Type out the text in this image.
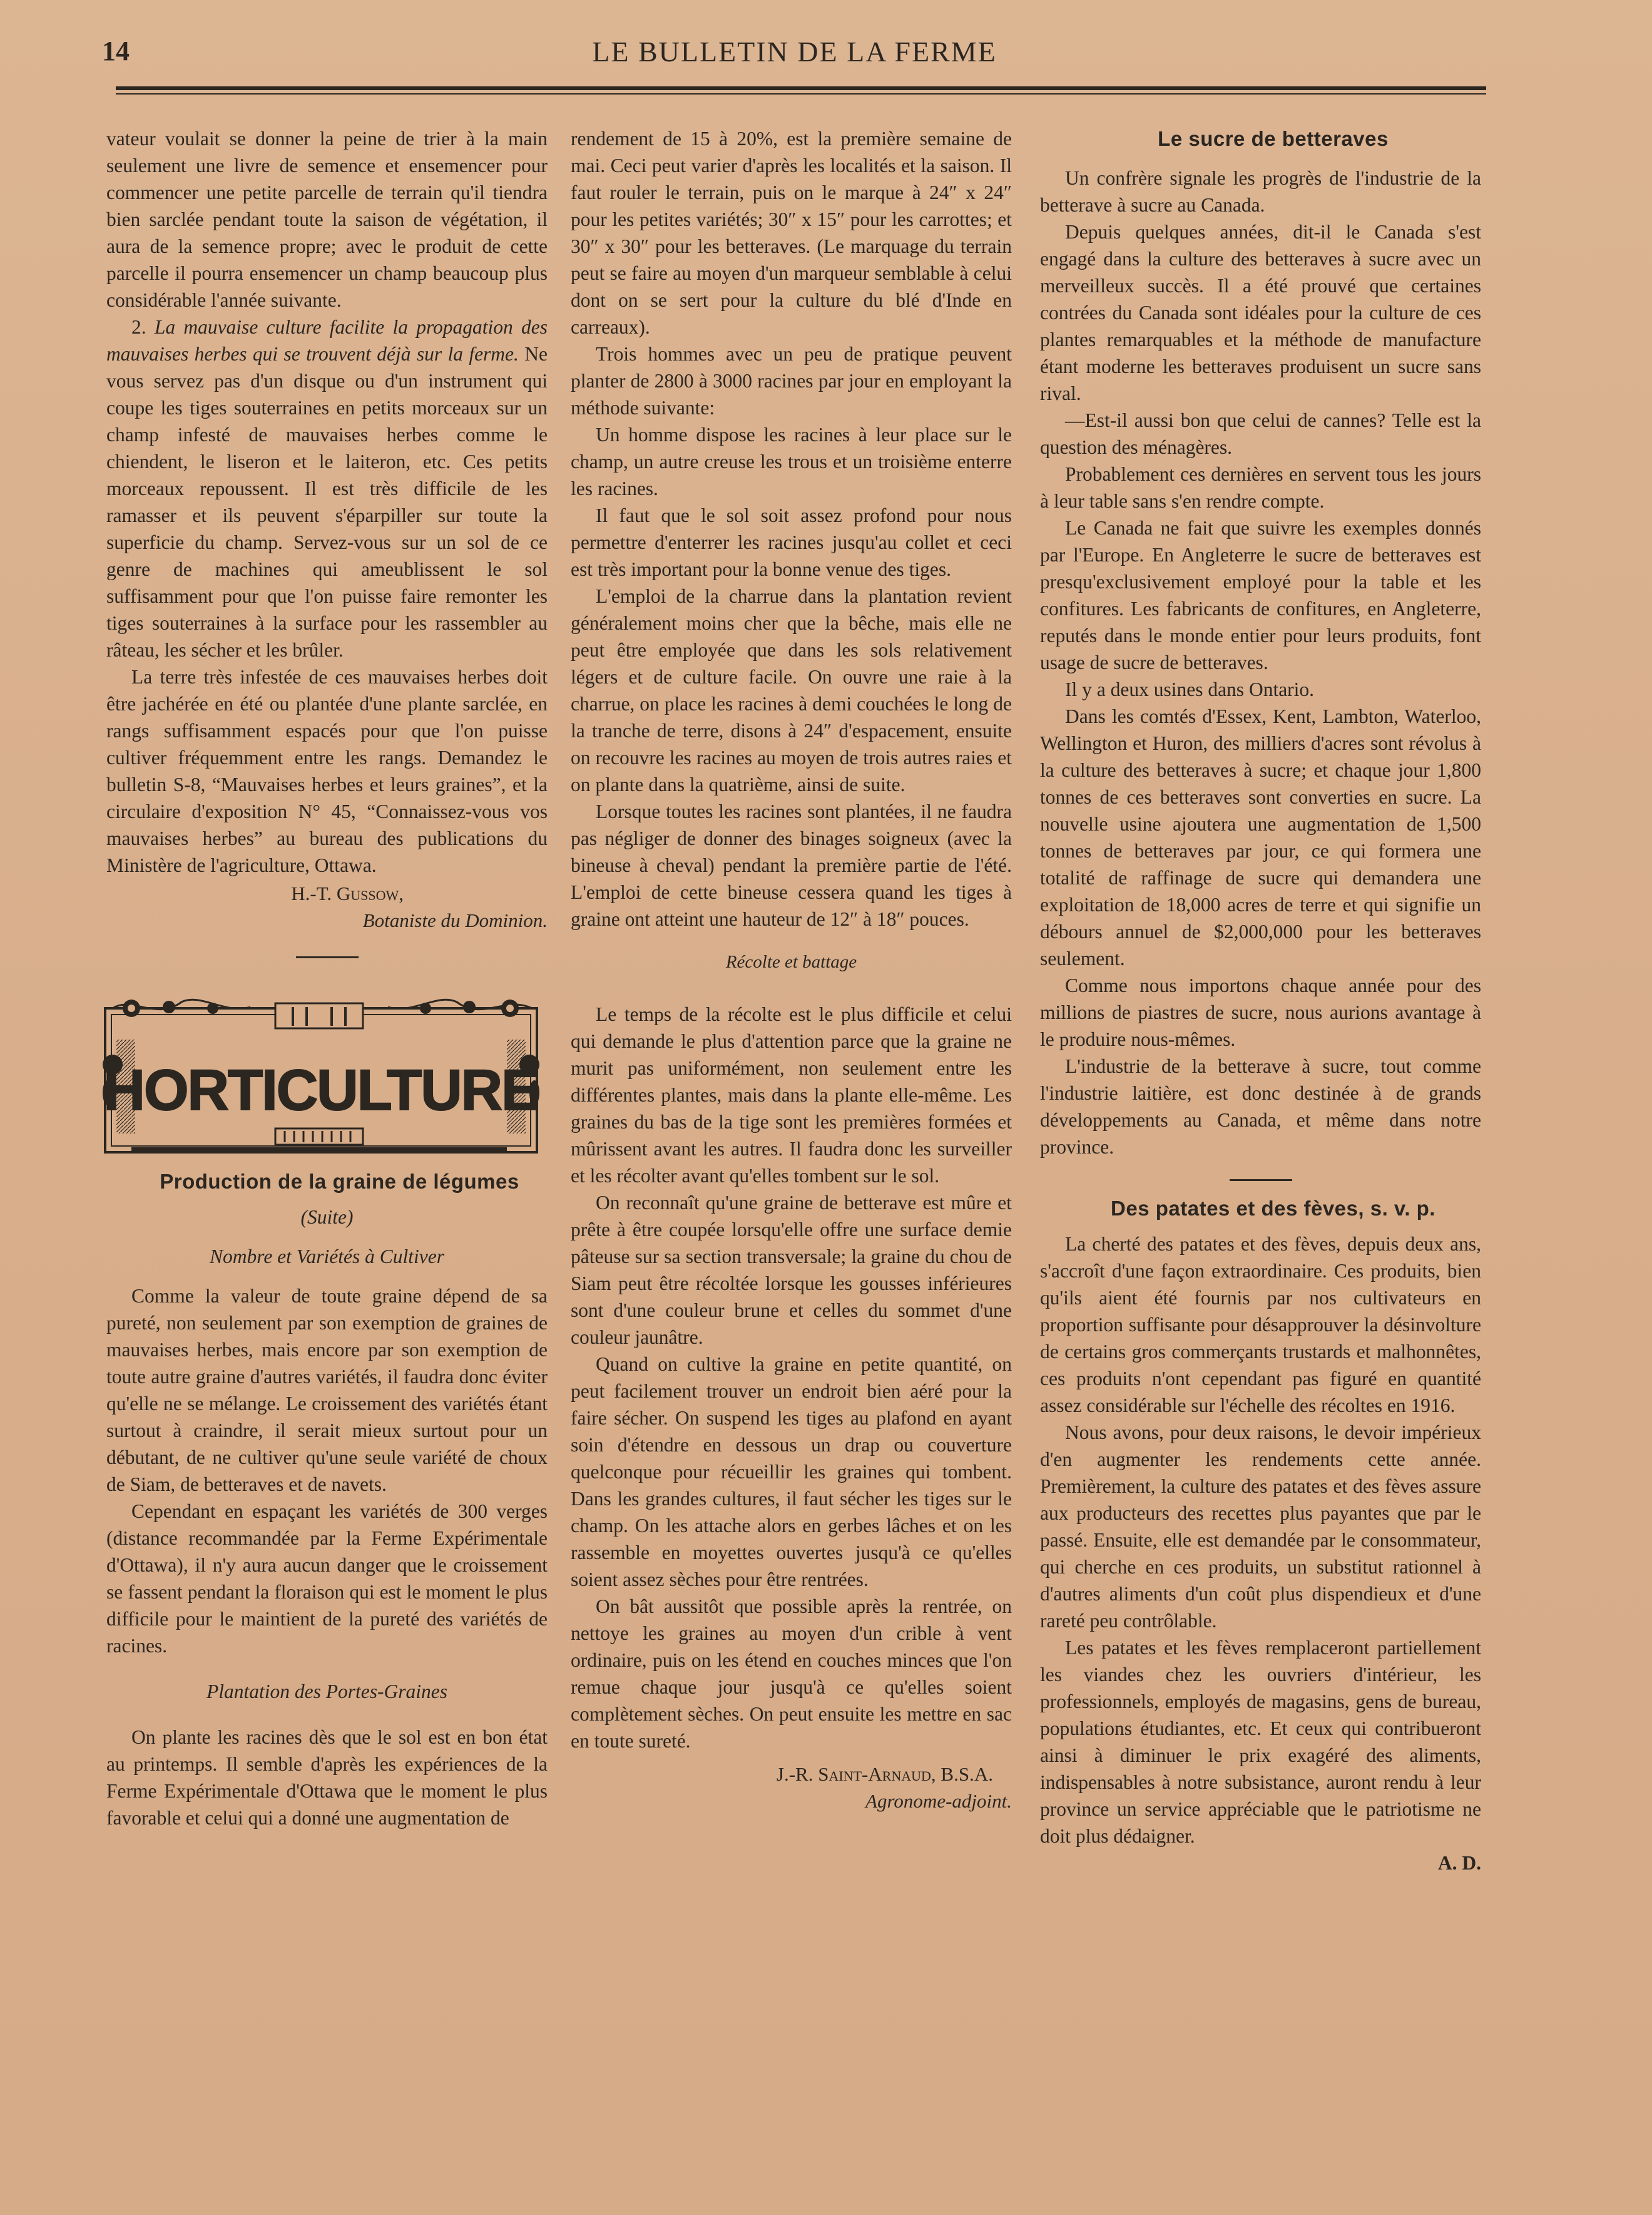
14	LE BULLETIN DE LA FERME

vateur voulait se donner la peine de trier à la main seulement une livre de semence et ensemencer pour commencer une petite parcelle de terrain qu'il tiendra bien sarclée pendant toute la saison de végétation, il aura de la semence propre; avec le produit de cette parcelle il pourra ensemencer un champ beaucoup plus considérable l'année suivante.

2. La mauvaise culture facilite la propagation des mauvaises herbes qui se trouvent déjà sur la ferme. Ne vous servez pas d'un disque ou d'un instrument qui coupe les tiges souterraines en petits morceaux sur un champ infesté de mauvaises herbes comme le chiendent, le liseron et le laiteron, etc. Ces petits morceaux repoussent. Il est très difficile de les ramasser et ils peuvent s'éparpiller sur toute la superficie du champ. Servez-vous sur un sol de ce genre de machines qui ameublissent le sol suffisamment pour que l'on puisse faire remonter les tiges souterraines à la surface pour les rassembler au râteau, les sécher et les brûler.

La terre très infestée de ces mauvaises herbes doit être jachérée en été ou plantée d'une plante sarclée, en rangs suffisamment espacés pour que l'on puisse cultiver fréquemment entre les rangs. Demandez le bulletin S-8, “Mauvaises herbes et leurs graines”, et la circulaire d'exposition N° 45, “Connaissez-vous vos mauvaises herbes” au bureau des publications du Ministère de l'agriculture, Ottawa.

H.-T. Gussow,
Botaniste du Dominion.
HORTICULTURE

Production de la graine de légumes

(Suite)

Nombre et Variétés à Cultiver

Comme la valeur de toute graine dépend de sa pureté, non seulement par son exemption de graines de mauvaises herbes, mais encore par son exemption de toute autre graine d'autres variétés, il faudra donc éviter qu'elle ne se mélange. Le croissement des variétés étant surtout à craindre, il serait mieux surtout pour un débutant, de ne cultiver qu'une seule variété de choux de Siam, de betteraves et de navets.

Cependant en espaçant les variétés de 300 verges (distance recommandée par la Ferme Expérimentale d'Ottawa), il n'y aura aucun danger que le croissement se fassent pendant la floraison qui est le moment le plus difficile pour le maintient de la pureté des variétés de racines.

Plantation des Portes-Graines

On plante les racines dès que le sol est en bon état au printemps. Il semble d'après les expériences de la Ferme Expérimentale d'Ottawa que le moment le plus favorable et celui qui a donné une augmentation de

rendement de 15 à 20%, est la première semaine de mai. Ceci peut varier d'après les localités et la saison. Il faut rouler le terrain, puis on le marque à 24″ x 24″ pour les petites variétés; 30″ x 15″ pour les carrottes; et 30″ x 30″ pour les betteraves. (Le marquage du terrain peut se faire au moyen d'un marqueur semblable à celui dont on se sert pour la culture du blé d'Inde en carreaux).

Trois hommes avec un peu de pratique peuvent planter de 2800 à 3000 racines par jour en employant la méthode suivante:

Un homme dispose les racines à leur place sur le champ, un autre creuse les trous et un troisième enterre les racines.

Il faut que le sol soit assez profond pour nous permettre d'enterrer les racines jusqu'au collet et ceci est très important pour la bonne venue des tiges.

L'emploi de la charrue dans la plantation revient généralement moins cher que la bêche, mais elle ne peut être employée que dans les sols relativement légers et de culture facile. On ouvre une raie à la charrue, on place les racines à demi couchées le long de la tranche de terre, disons à 24″ d'espacement, ensuite on recouvre les racines au moyen de trois autres raies et on plante dans la quatrième, ainsi de suite.

Lorsque toutes les racines sont plantées, il ne faudra pas négliger de donner des binages soigneux (avec la bineuse à cheval) pendant la première partie de l'été. L'emploi de cette bineuse cessera quand les tiges à graine ont atteint une hauteur de 12″ à 18″ pouces.

Récolte et battage

Le temps de la récolte est le plus difficile et celui qui demande le plus d'attention parce que la graine ne murit pas uniformément, non seulement entre les différentes plantes, mais dans la plante elle-même. Les graines du bas de la tige sont les premières formées et mûrissent avant les autres. Il faudra donc les surveiller et les récolter avant qu'elles tombent sur le sol.

On reconnaît qu'une graine de betterave est mûre et prête à être coupée lorsqu'elle offre une surface demie pâteuse sur sa section transversale; la graine du chou de Siam peut être récoltée lorsque les gousses inférieures sont d'une couleur brune et celles du sommet d'une couleur jaunâtre.

Quand on cultive la graine en petite quantité, on peut facilement trouver un endroit bien aéré pour la faire sécher. On suspend les tiges au plafond en ayant soin d'étendre en dessous un drap ou couverture quelconque pour récueillir les graines qui tombent. Dans les grandes cultures, il faut sécher les tiges sur le champ. On les attache alors en gerbes lâches et on les rassemble en moyettes ouvertes jusqu'à ce qu'elles soient assez sèches pour être rentrées.

On bât aussitôt que possible après la rentrée, on nettoye les graines au moyen d'un crible à vent ordinaire, puis on les étend en couches minces que l'on remue chaque jour jusqu'à ce qu'elles soient complètement sèches. On peut ensuite les mettre en sac en toute sureté.

J.-R. Saint-Arnaud, B.S.A.
Agronome-adjoint.

Le sucre de betteraves

Un confrère signale les progrès de l'industrie de la betterave à sucre au Canada.

Depuis quelques années, dit-il le Canada s'est engagé dans la culture des betteraves à sucre avec un merveilleux succès. Il a été prouvé que certaines contrées du Canada sont idéales pour la culture de ces plantes remarquables et la méthode de manufacture étant moderne les betteraves produisent un sucre sans rival.

—Est-il aussi bon que celui de cannes? Telle est la question des ménagères.

Probablement ces dernières en servent tous les jours à leur table sans s'en rendre compte.

Le Canada ne fait que suivre les exemples donnés par l'Europe. En Angleterre le sucre de betteraves est presqu'exclusivement employé pour la table et les confitures. Les fabricants de confitures, en Angleterre, reputés dans le monde entier pour leurs produits, font usage de sucre de betteraves.

Il y a deux usines dans Ontario.

Dans les comtés d'Essex, Kent, Lambton, Waterloo, Wellington et Huron, des milliers d'acres sont révolus à la culture des betteraves à sucre; et chaque jour 1,800 tonnes de ces betteraves sont converties en sucre. La nouvelle usine ajoutera une augmentation de 1,500 tonnes de betteraves par jour, ce qui formera une totalité de raffinage de sucre qui demandera une exploitation de 18,000 acres de terre et qui signifie un débours annuel de $2,000,000 pour les betteraves seulement.

Comme nous importons chaque année pour des millions de piastres de sucre, nous aurions avantage à le produire nous-mêmes.

L'industrie de la betterave à sucre, tout comme l'industrie laitière, est donc destinée à de grands développements au Canada, et même dans notre province.

Des patates et des fèves, s. v. p.

La cherté des patates et des fèves, depuis deux ans, s'accroît d'une façon extraordinaire. Ces produits, bien qu'ils aient été fournis par nos cultivateurs en proportion suffisante pour désapprouver la désinvolture de certains gros commerçants trustards et malhonnêtes, ces produits n'ont cependant pas figuré en quantité assez considérable sur l'échelle des récoltes en 1916.

Nous avons, pour deux raisons, le devoir impérieux d'en augmenter les rendements cette année. Premièrement, la culture des patates et des fèves assure aux producteurs des recettes plus payantes que par le passé. Ensuite, elle est demandée par le consommateur, qui cherche en ces produits, un substitut rationnel à d'autres aliments d'un coût plus dispendieux et d'une rareté peu contrôlable.

Les patates et les fèves remplaceront partiellement les viandes chez les ouvriers d'intérieur, les professionnels, employés de magasins, gens de bureau, populations étudiantes, etc. Et ceux qui contribueront ainsi à diminuer le prix exagéré des aliments, indispensables à notre subsistance, auront rendu à leur province un service appréciable que le patriotisme ne doit plus dédaigner.

A. D.
